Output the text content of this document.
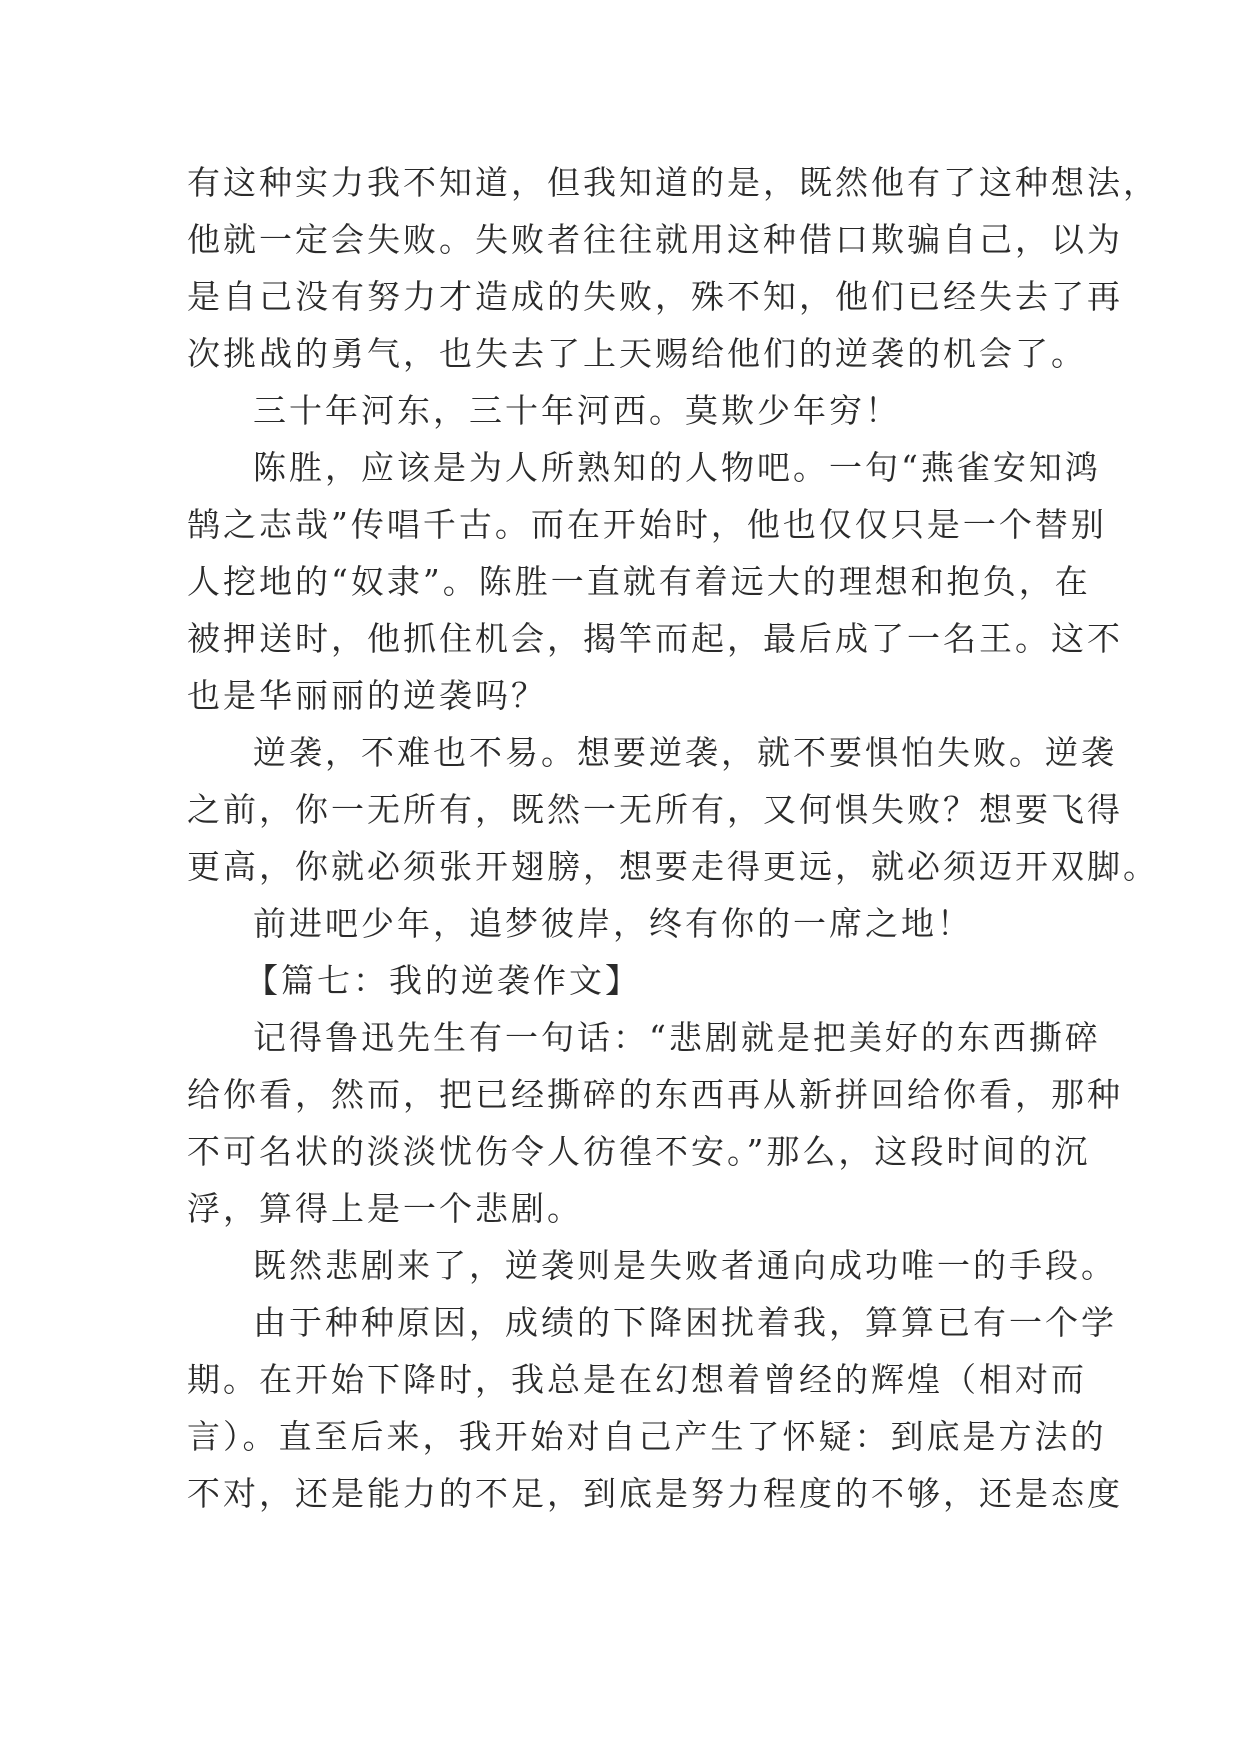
有这种实力我不知道，但我知道的是，既然他有了这种想法，
他就一定会失败。失败者往往就用这种借口欺骗自己，以为
是自己没有努力才造成的失败，殊不知，他们已经失去了再
次挑战的勇气，也失去了上天赐给他们的逆袭的机会了。
三十年河东，三十年河西。莫欺少年穷！
陈胜，应该是为人所熟知的人物吧。一句“燕雀安知鸿
鹄之志哉”传唱千古。而在开始时，他也仅仅只是一个替别
人挖地的“奴隶”。陈胜一直就有着远大的理想和抱负，在
被押送时，他抓住机会，揭竿而起，最后成了一名王。这不
也是华丽丽的逆袭吗？
逆袭，不难也不易。想要逆袭，就不要惧怕失败。逆袭
之前，你一无所有，既然一无所有，又何惧失败？想要飞得
更高，你就必须张开翅膀，想要走得更远，就必须迈开双脚。
前进吧少年，追梦彼岸，终有你的一席之地！
【篇七：我的逆袭作文】
记得鲁迅先生有一句话：“悲剧就是把美好的东西撕碎
给你看，然而，把已经撕碎的东西再从新拼回给你看，那种
不可名状的淡淡忧伤令人彷徨不安。”那么，这段时间的沉
浮，算得上是一个悲剧。
既然悲剧来了，逆袭则是失败者通向成功唯一的手段。
由于种种原因，成绩的下降困扰着我，算算已有一个学
期。在开始下降时，我总是在幻想着曾经的辉煌（相对而
言）。直至后来，我开始对自己产生了怀疑：到底是方法的
不对，还是能力的不足，到底是努力程度的不够，还是态度
